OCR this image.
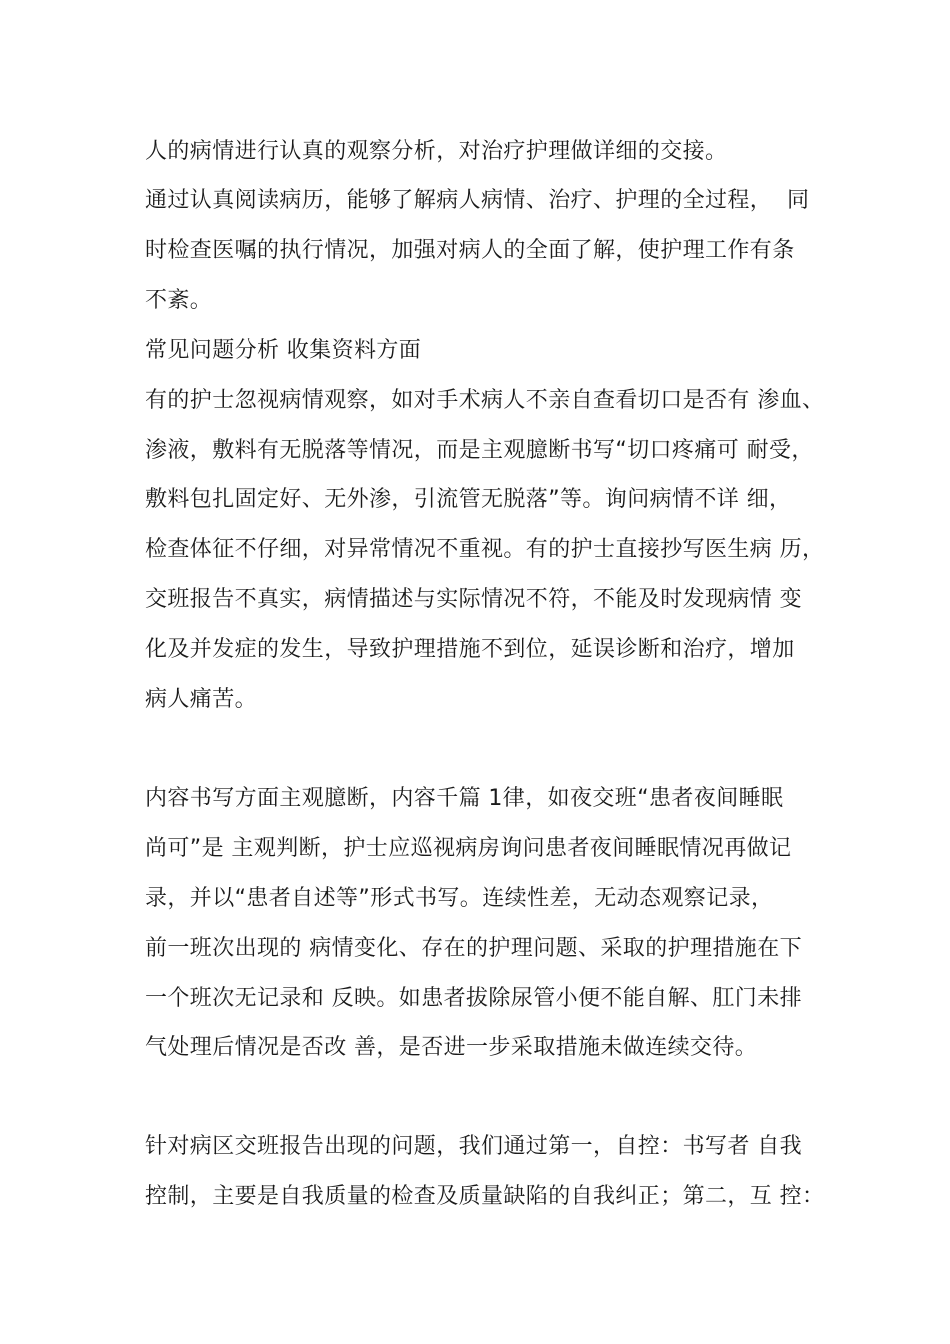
人的病情进行认真的观察分析，对治疗护理做详细的交接。
通过认真阅读病历，能够了解病人病情、治疗、护理的全过程，  同
时检查医嘱的执行情况，加强对病人的全面了解，使护理工作有条
不紊。
常见问题分析 收集资料方面
有的护士忽视病情观察，如对手术病人不亲自查看切口是否有 渗血、
渗液，敷料有无脱落等情况，而是主观臆断书写“切口疼痛可 耐受，
敷料包扎固定好、无外渗，引流管无脱落”等。询问病情不详 细，
检查体征不仔细，对异常情况不重视。有的护士直接抄写医生病 历，
交班报告不真实，病情描述与实际情况不符，不能及时发现病情 变
化及并发症的发生，导致护理措施不到位，延误诊断和治疗，增加
病人痛苦。
内容书写方面主观臆断，内容千篇 1律，如夜交班“患者夜间睡眠
尚可”是 主观判断，护士应巡视病房询问患者夜间睡眠情况再做记
录，并以“患者自述等”形式书写。连续性差，无动态观察记录，
前一班次出现的 病情变化、存在的护理问题、采取的护理措施在下
一个班次无记录和 反映。如患者拔除尿管小便不能自解、肛门未排
气处理后情况是否改 善，是否进一步采取措施未做连续交待。
针对病区交班报告出现的问题，我们通过第一，自控：书写者 自我
控制，主要是自我质量的检查及质量缺陷的自我纠正；第二，互 控：
